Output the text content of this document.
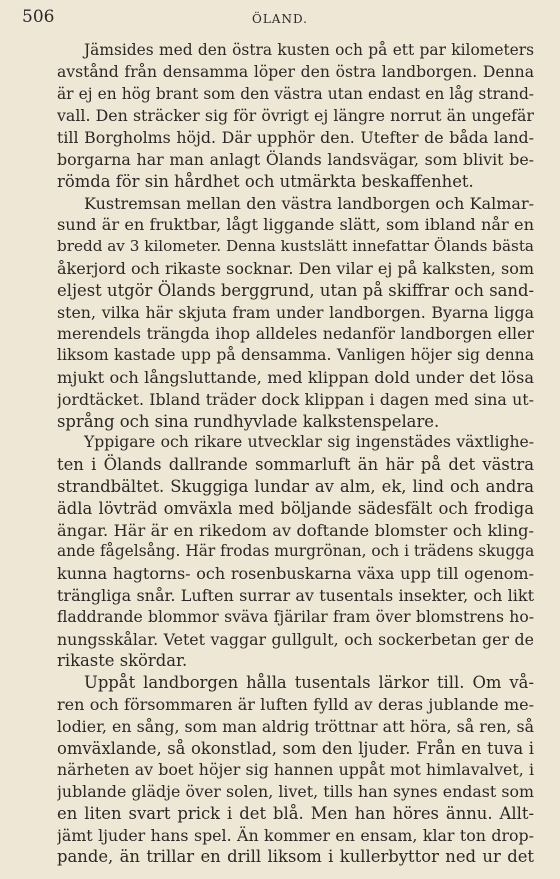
506	ÖLAND.
Jämsides med den östra kusten och på ett par kilometers
avstånd från densamma löper den östra landborgen. Denna
är ej en hög brant som den västra utan endast en låg strand-
vall. Den sträcker sig för övrigt ej längre norrut än ungefär
till Borgholms höjd. Där upphör den. Utefter de båda land-
borgarna har man anlagt Ölands landsvägar, som blivit be-
römda för sin hårdhet och utmärkta beskaffenhet.
Kustremsan mellan den västra landborgen och Kalmar-
sund är en fruktbar, lågt liggande slätt, som ibland når en
bredd av 3 kilometer. Denna kustslätt innefattar Ölands bästa
åkerjord och rikaste socknar. Den vilar ej på kalksten, som
eljest utgör Ölands berggrund, utan på skiffrar och sand-
sten, vilka här skjuta fram under landborgen. Byarna ligga
merendels trängda ihop alldeles nedanför landborgen eller
liksom kastade upp på densamma. Vanligen höjer sig denna
mjukt och långsluttande, med klippan dold under det lösa
jordtäcket. Ibland träder dock klippan i dagen med sina ut-
språng och sina rundhyvlade kalkstenspelare.
Yppigare och rikare utvecklar sig ingenstädes växtlighe-
ten i Ölands dallrande sommarluft än här på det västra
strandbältet. Skuggiga lundar av alm, ek, lind och andra
ädla lövträd omväxla med böljande sädesfält och frodiga
ängar. Här är en rikedom av doftande blomster och kling-
ande fågelsång. Här frodas murgrönan, och i trädens skugga
kunna hagtorns- och rosenbuskarna växa upp till ogenom-
trängliga snår. Luften surrar av tusentals insekter, och likt
fladdrande blommor sväva fjärilar fram över blomstrens ho-
nungsskålar. Vetet vaggar gullgult, och sockerbetan ger de
rikaste skördar.
Uppåt landborgen hålla tusentals lärkor till. Om vå-
ren och försommaren är luften fylld av deras jublande me-
lodier, en sång, som man aldrig tröttnar att höra, så ren, så
omväxlande, så okonstlad, som den ljuder. Från en tuva i
närheten av boet höjer sig hannen uppåt mot himlavalvet, i
jublande glädje över solen, livet, tills han synes endast som
en liten svart prick i det blå. Men han höres ännu. Allt-
jämt ljuder hans spel. Än kommer en ensam, klar ton drop-
pande, än trillar en drill liksom i kullerbyttor ned ur det
